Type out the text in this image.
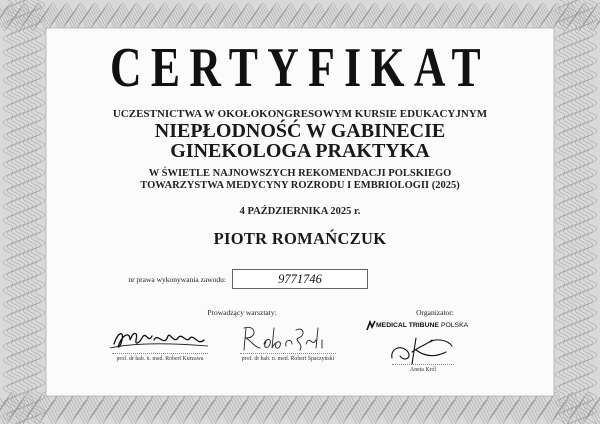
CERTYFIKAT
UCZESTNICTWA W OKOŁOKONGRESOWYM KURSIE EDUKACYJNYM
NIEPŁODNOŚĆ W GABINECIE
GINEKOLOGA PRAKTYKA
W ŚWIETLE NAJNOWSZYCH REKOMENDACJI POLSKIEGO
TOWARZYSTWA MEDYCYNY ROZRODU I EMBRIOLOGII (2025)
4 PAŹDZIERNIKA 2025 r.
PIOTR ROMAŃCZUK
nr prawa wykonywania zawodu:	9771746
Prowadzący warsztaty:	Organizator:
prof. dr hab. n. med. Robert Kurzawa	prof. dr hab. n. med. Robert Spaczyński
MEDICAL TRIBUNE POLSKA
Aneta Król
